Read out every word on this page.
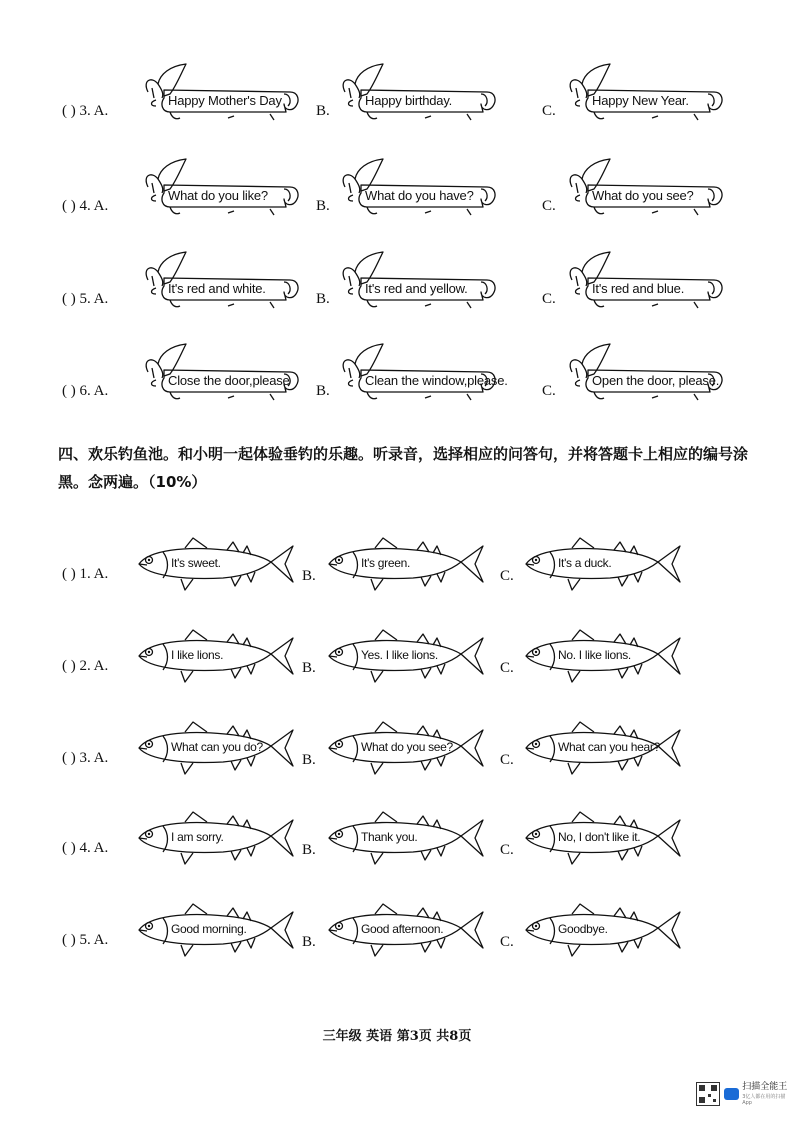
( ) 3. A.
Happy Mother's Day
B.
Happy birthday.
C.
Happy New Year.
( ) 4. A.
What do you like?
B.
What do you have?
C.
What do you see?
( ) 5. A.
It's red and white.
B.
It's red and yellow.
C.
It's red and blue.
( ) 6. A.
Close the door,please
B.
Clean the window,please.
C.
Open the door, please.
四、欢乐钓鱼池。和小明一起体验垂钓的乐趣。听录音，选择相应的问答句，并将答题卡上相应的编号涂黑。念两遍。（10%）
( ) 1. A.
It's sweet.
B.
It's green.
C.
It's a duck.
( ) 2. A.
I like lions.
B.
Yes. I like lions.
C.
No. I like lions.
( ) 3. A.
What can you do?
B.
What do you see?
C.
What can you hear?
( ) 4. A.
I am sorry.
B.
Thank you.
C.
No, I don't like it.
( ) 5. A.
Good morning.
B.
Good afternoon.
C.
Goodbye.
三年级 英语 第3页 共8页
扫描全能王
3亿人都在用的扫描App
